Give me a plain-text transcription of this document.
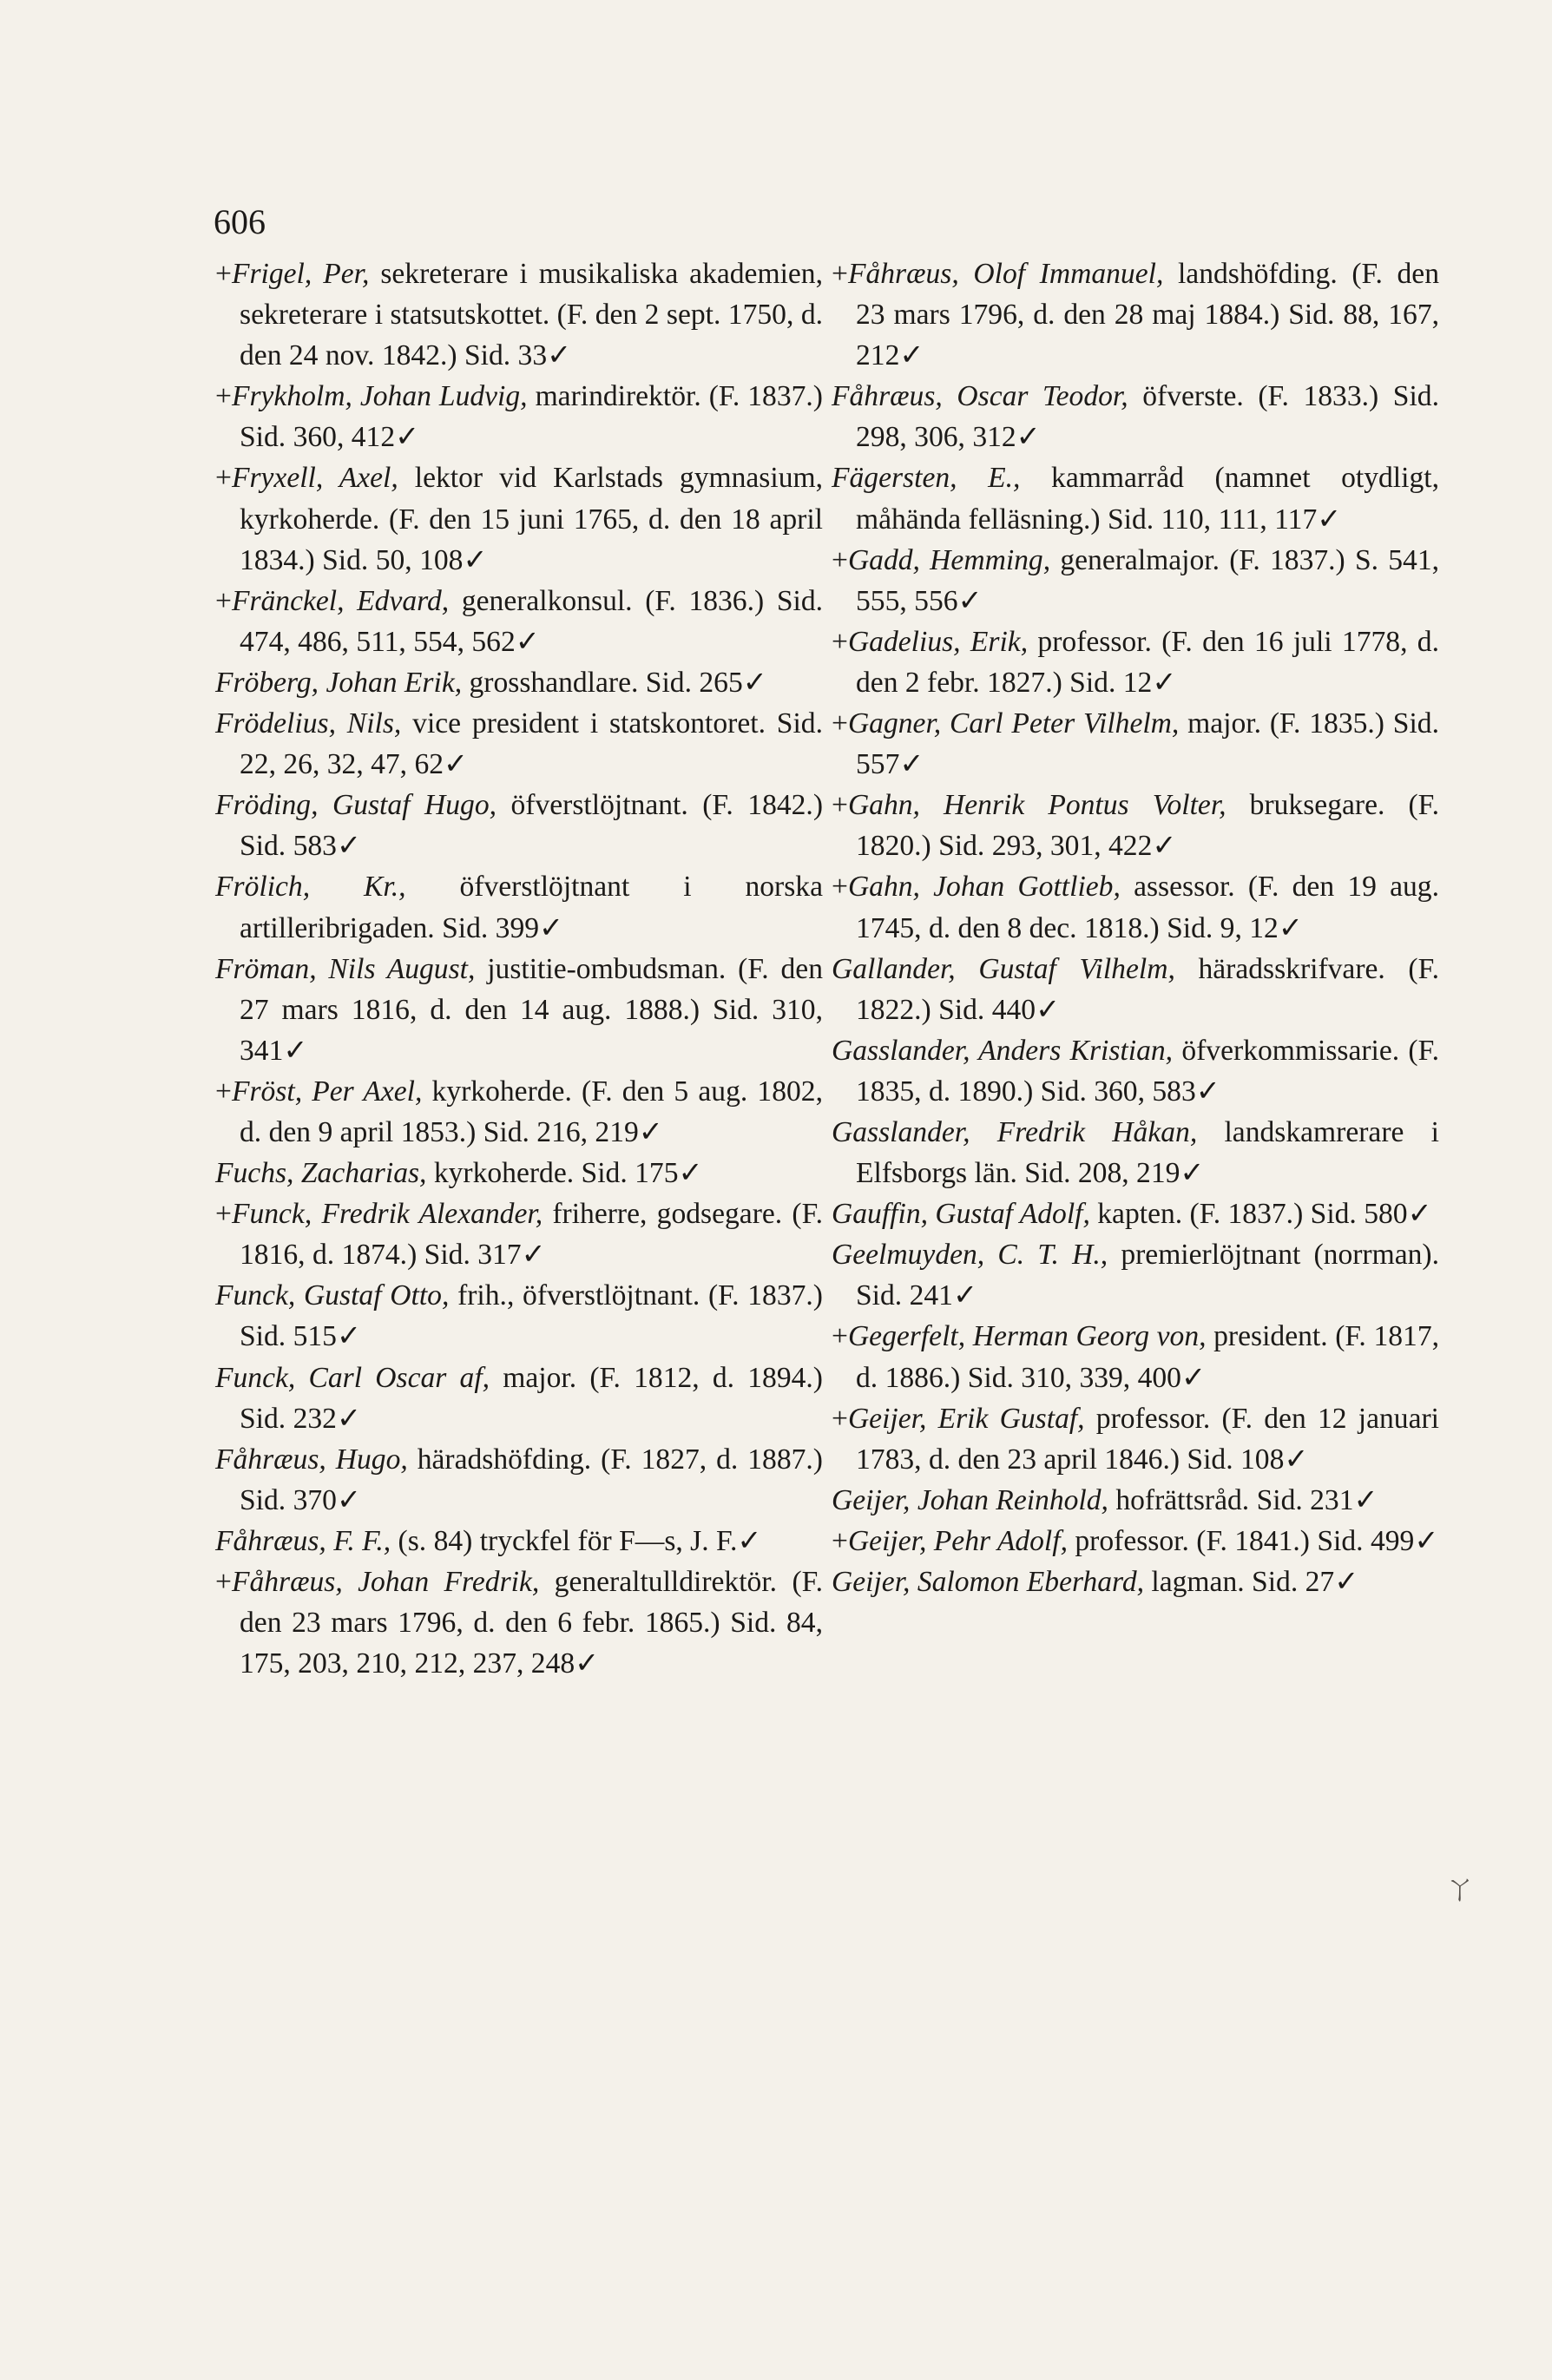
606

+Frigel, Per, sekreterare i musikaliska akademien, sekreterare i statsutskottet. (F. den 2 sept. 1750, d. den 24 nov. 1842.) Sid. 33✓

+Frykholm, Johan Ludvig, marindirektör. (F. 1837.) Sid. 360, 412✓

+Fryxell, Axel, lektor vid Karlstads gymnasium, kyrkoherde. (F. den 15 juni 1765, d. den 18 april 1834.) Sid. 50, 108✓

+Fränckel, Edvard, generalkonsul. (F. 1836.) Sid. 474, 486, 511, 554, 562✓

Fröberg, Johan Erik, grosshandlare. Sid. 265✓

Frödelius, Nils, vice president i statskontoret. Sid. 22, 26, 32, 47, 62✓

Fröding, Gustaf Hugo, öfverstlöjtnant. (F. 1842.) Sid. 583✓

Frölich, Kr., öfverstlöjtnant i norska artilleribrigaden. Sid. 399✓

Fröman, Nils August, justitie-ombudsman. (F. den 27 mars 1816, d. den 14 aug. 1888.) Sid. 310, 341✓

+Fröst, Per Axel, kyrkoherde. (F. den 5 aug. 1802, d. den 9 april 1853.) Sid. 216, 219✓

Fuchs, Zacharias, kyrkoherde. Sid. 175✓

+Funck, Fredrik Alexander, friherre, godsegare. (F. 1816, d. 1874.) Sid. 317✓

Funck, Gustaf Otto, frih., öfverstlöjtnant. (F. 1837.) Sid. 515✓

Funck, Carl Oscar af, major. (F. 1812, d. 1894.) Sid. 232✓

Fåhræus, Hugo, häradshöfding. (F. 1827, d. 1887.) Sid. 370✓

Fåhræus, F. F., (s. 84) tryckfel för F—s, J. F.✓

+Fåhræus, Johan Fredrik, generaltulldirektör. (F. den 23 mars 1796, d. den 6 febr. 1865.) Sid. 84, 175, 203, 210, 212, 237, 248✓

+Fåhræus, Olof Immanuel, landshöfding. (F. den 23 mars 1796, d. den 28 maj 1884.) Sid. 88, 167, 212✓

Fåhræus, Oscar Teodor, öfverste. (F. 1833.) Sid. 298, 306, 312✓

Fägersten, E., kammarråd (namnet otydligt, måhända felläsning.) Sid. 110, 111, 117✓

+Gadd, Hemming, generalmajor. (F. 1837.) S. 541, 555, 556✓

+Gadelius, Erik, professor. (F. den 16 juli 1778, d. den 2 febr. 1827.) Sid. 12✓

+Gagner, Carl Peter Vilhelm, major. (F. 1835.) Sid. 557✓

+Gahn, Henrik Pontus Volter, bruksegare. (F. 1820.) Sid. 293, 301, 422✓

+Gahn, Johan Gottlieb, assessor. (F. den 19 aug. 1745, d. den 8 dec. 1818.) Sid. 9, 12✓

Gallander, Gustaf Vilhelm, häradsskrifvare. (F. 1822.) Sid. 440✓

Gasslander, Anders Kristian, öfverkommissarie. (F. 1835, d. 1890.) Sid. 360, 583✓

Gasslander, Fredrik Håkan, landskamrerare i Elfsborgs län. Sid. 208, 219✓

Gauffin, Gustaf Adolf, kapten. (F. 1837.) Sid. 580✓

Geelmuyden, C. T. H., premierlöjtnant (norrman). Sid. 241✓

+Gegerfelt, Herman Georg von, president. (F. 1817, d. 1886.) Sid. 310, 339, 400✓

+Geijer, Erik Gustaf, professor. (F. den 12 januari 1783, d. den 23 april 1846.) Sid. 108✓

Geijer, Johan Reinhold, hofrättsråd. Sid. 231✓

+Geijer, Pehr Adolf, professor. (F. 1841.) Sid. 499✓

Geijer, Salomon Eberhard, lagman. Sid. 27✓

ㄚ
